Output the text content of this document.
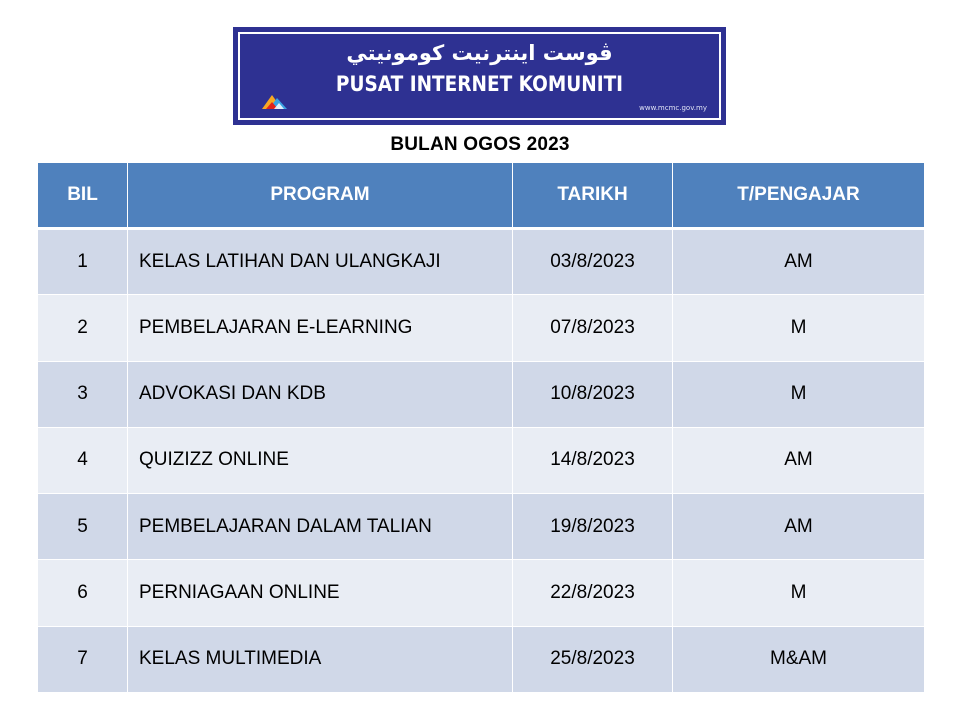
ڤوست اينترنيت كومونيتي
PUSAT INTERNET KOMUNITI
www.mcmc.gov.my
BULAN OGOS 2023
BIL	PROGRAM	TARIKH	T/PENGAJAR
1	KELAS LATIHAN DAN ULANGKAJI	03/8/2023	AM
2	PEMBELAJARAN E-LEARNING	07/8/2023	M
3	ADVOKASI DAN KDB	10/8/2023	M
4	QUIZIZZ ONLINE	14/8/2023	AM
5	PEMBELAJARAN DALAM TALIAN	19/8/2023	AM
6	PERNIAGAAN ONLINE	22/8/2023	M
7	KELAS MULTIMEDIA	25/8/2023	M&AM
